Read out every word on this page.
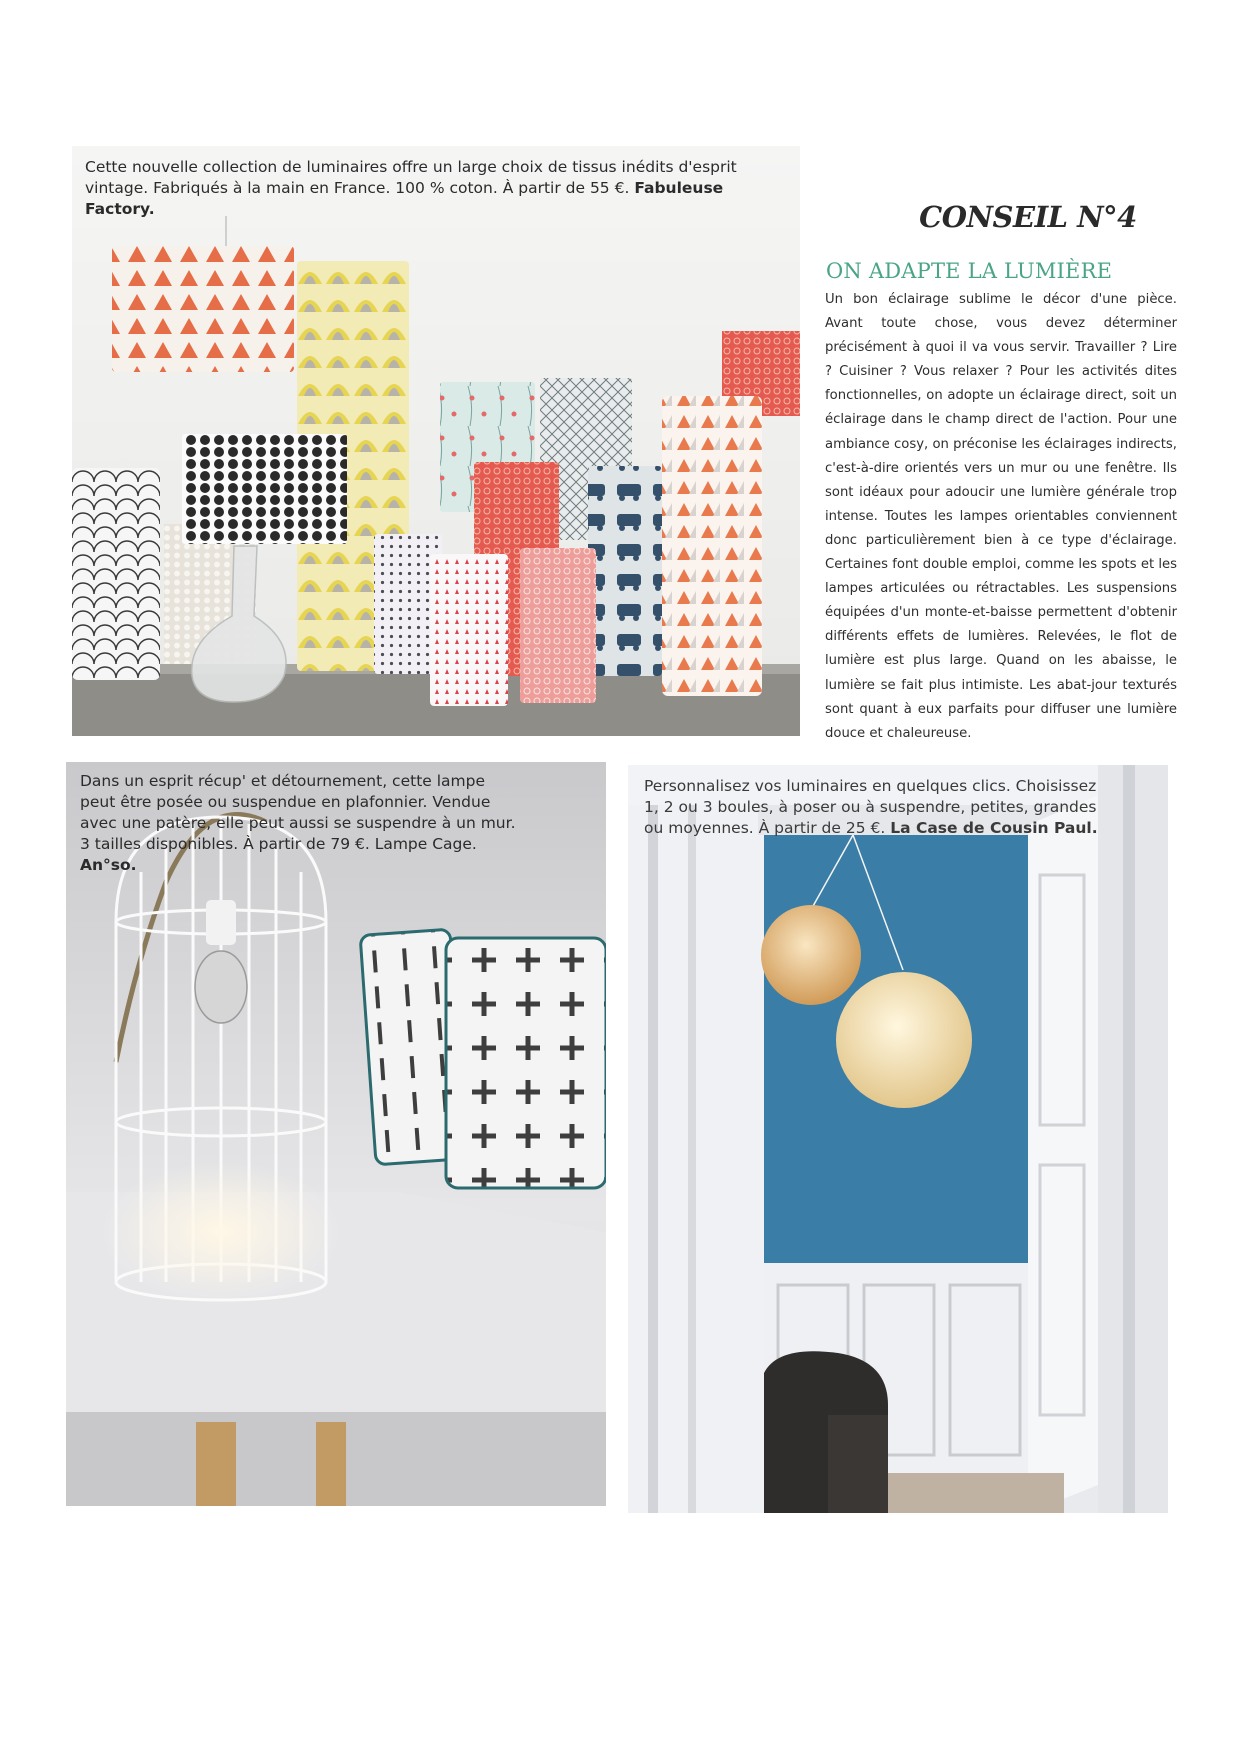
Cette nouvelle collection de luminaires offre un large choix de tissus inédits d'esprit vintage. Fabriqués à la main en France. 100 % coton. À partir de 55 €. Fabuleuse Factory.	CONSEIL N°4
ON ADAPTE LA LUMIÈRE
Un bon éclairage sublime le décor d'une pièce. Avant toute chose, vous devez déterminer précisément à quoi il va vous servir. Travailler ? Lire ? Cuisiner ? Vous relaxer ? Pour les activités dites fonctionnelles, on adopte un éclairage direct, soit un éclairage dans le champ direct de l'action. Pour une ambiance cosy, on préconise les éclairages indirects, c'est-à-dire orientés vers un mur ou une fenêtre. Ils sont idéaux pour adoucir une lumière générale trop intense. Toutes les lampes orientables conviennent donc particulièrement bien à ce type d'éclairage. Certaines font double emploi, comme les spots et les lampes articulées ou rétractables. Les suspensions équipées d'un monte-et-baisse permettent d'obtenir différents effets de lumières. Relevées, le flot de lumière est plus large. Quand on les abaisse, le lumière se fait plus intimiste. Les abat-jour texturés sont quant à eux parfaits pour diffuser une lumière douce et chaleureuse.
Dans un esprit récup' et détournement, cette lampe peut être posée ou suspendue en plafonnier. Vendue avec une patère, elle peut aussi se suspendre à un mur. 3 tailles disponibles. À partir de 79 €. Lampe Cage. An°so.
Personnalisez vos luminaires en quelques clics. Choisissez 1, 2 ou 3 boules, à poser ou à suspendre, petites, grandes ou moyennes. À partir de 25 €. La Case de Cousin Paul.
